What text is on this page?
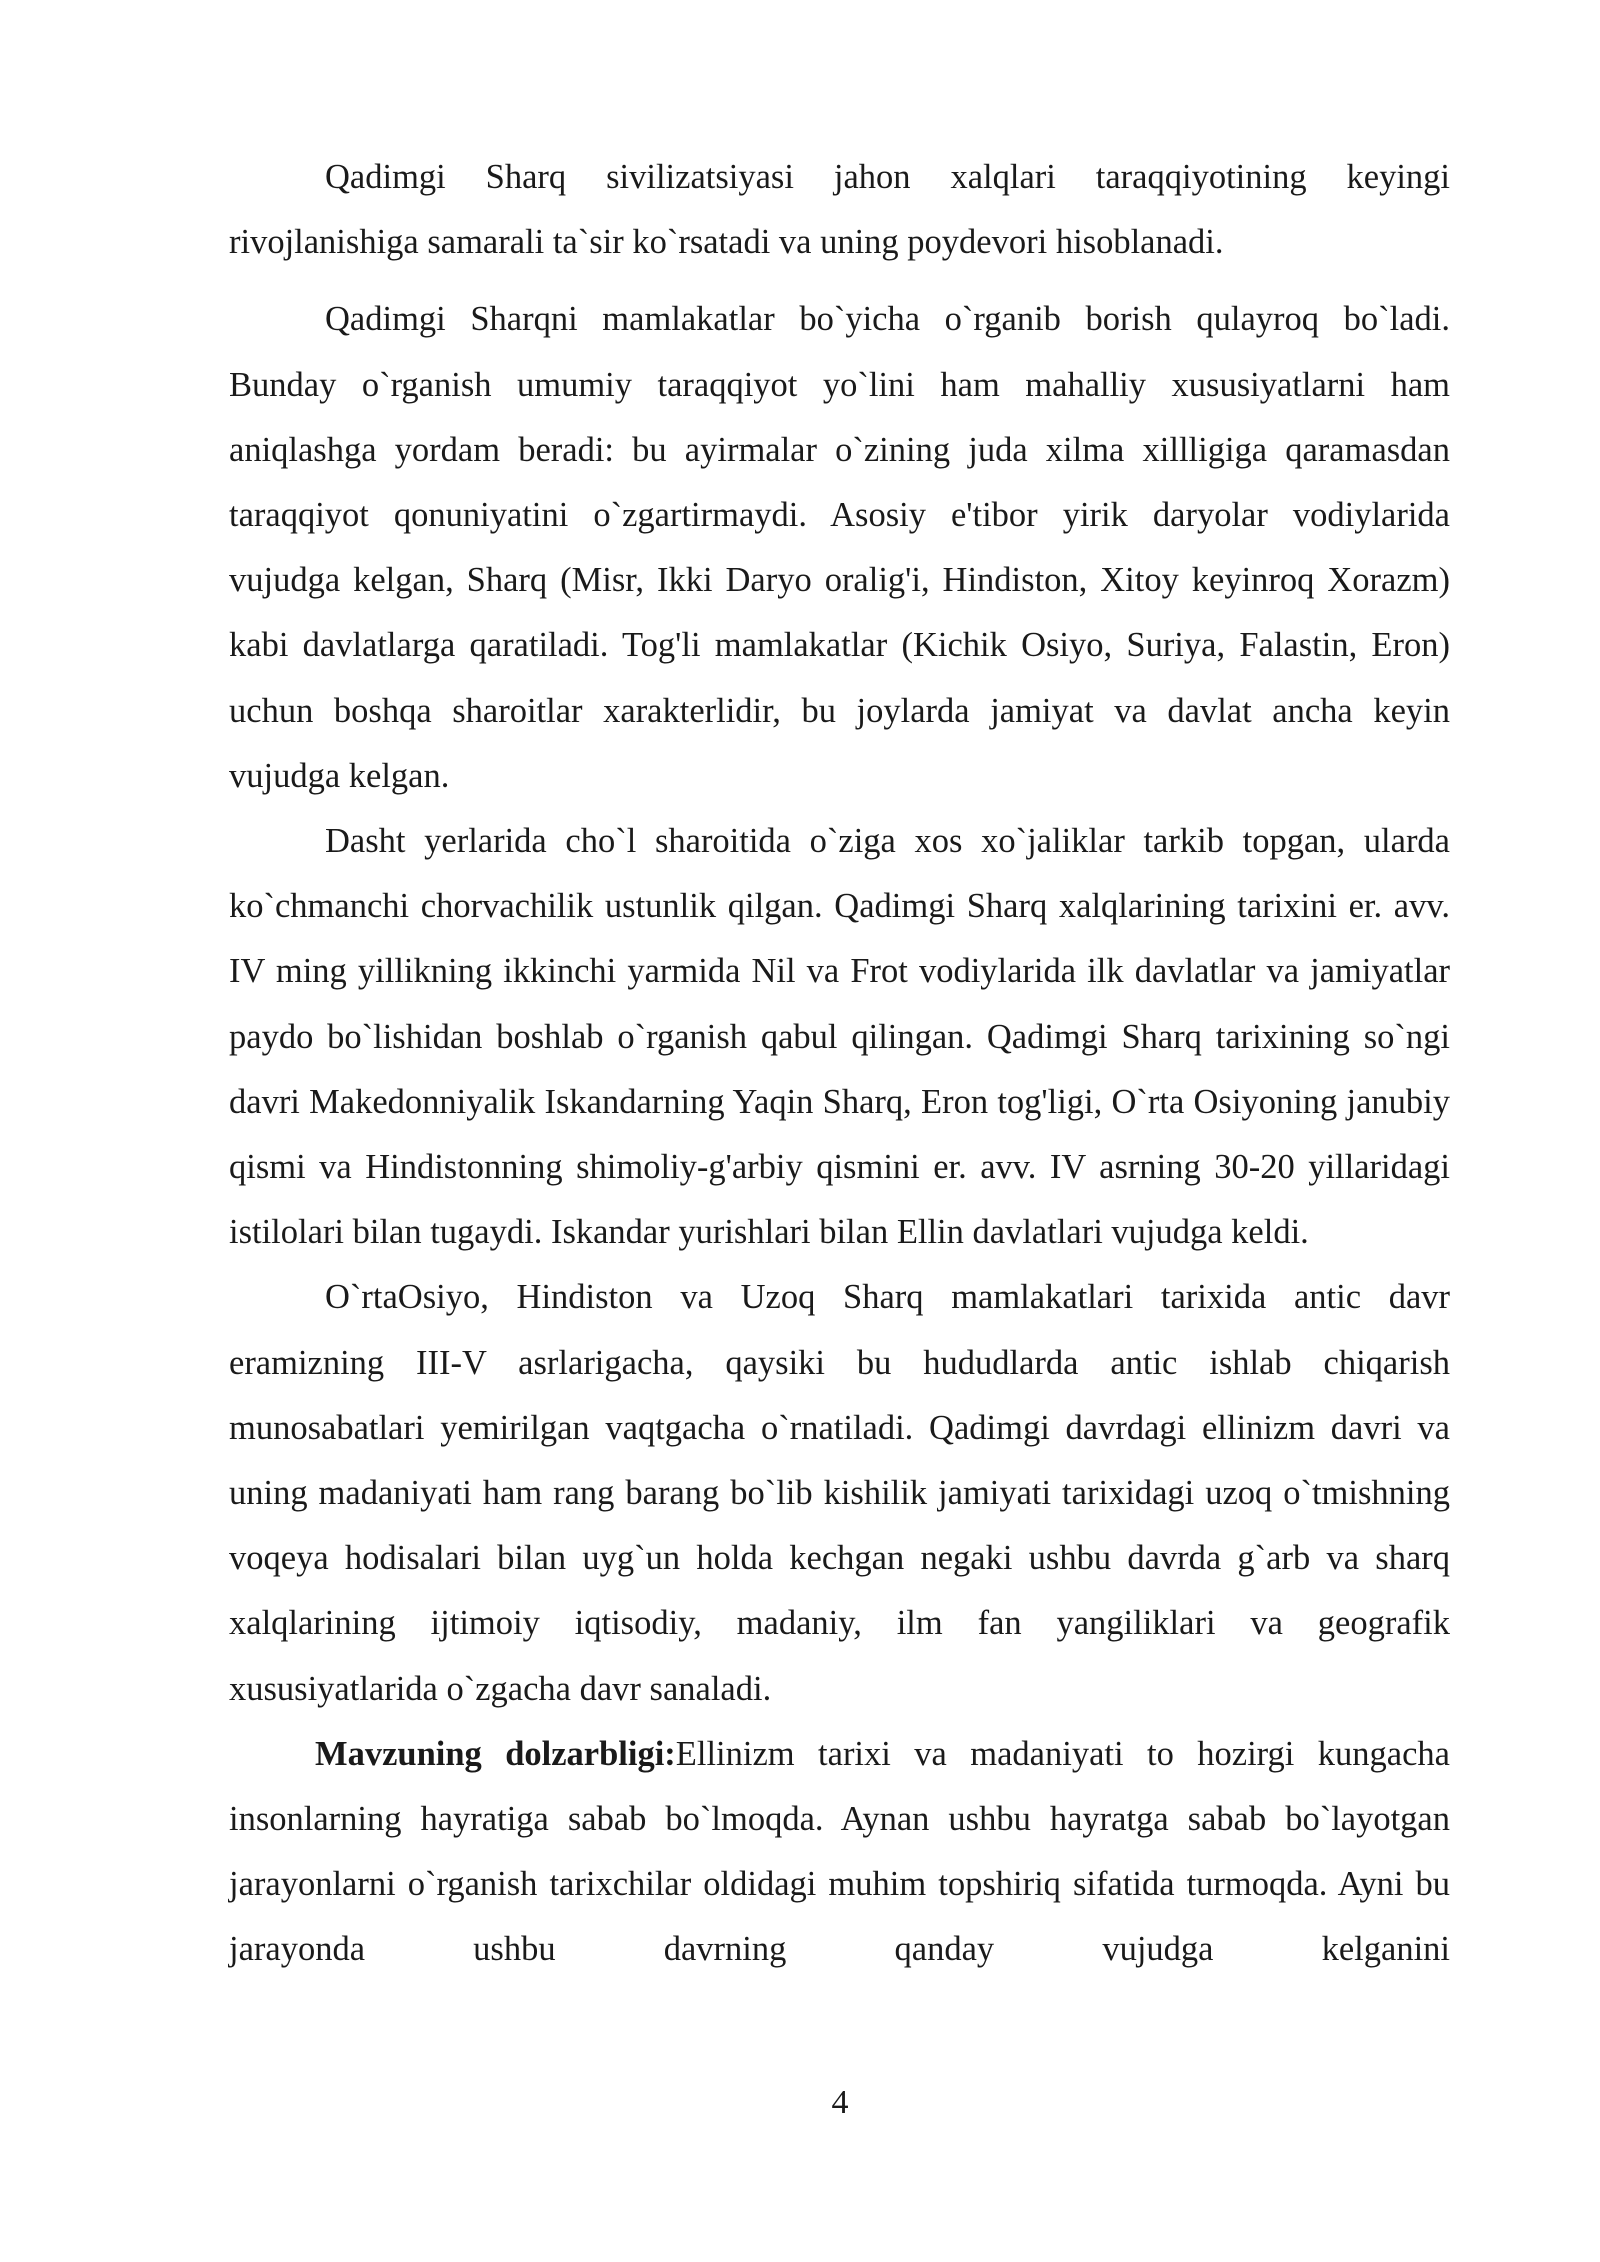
Qadimgi Sharq sivilizatsiyasi jahon xalqlari taraqqiyotining keyingi rivojlanishiga samarali ta`sir ko`rsatadi va uning poydevori hisoblanadi.

Qadimgi Sharqni mamlakatlar bo`yicha o`rganib borish qulayroq bo`ladi. Bunday o`rganish umumiy taraqqiyot yo`lini ham mahalliy xususiyatlarni ham aniqlashga yordam beradi: bu ayirmalar o`zining juda xilma xillligiga qaramasdan taraqqiyot qonuniyatini o`zgartirmaydi. Asosiy e'tibor yirik daryolar vodiylarida vujudga kelgan, Sharq (Misr, Ikki Daryo oralig'i, Hindiston, Xitoy keyinroq Xorazm) kabi davlatlarga qaratiladi. Tog'li mamlakatlar (Kichik Osiyo, Suriya, Falastin, Eron) uchun boshqa sharoitlar xarakterlidir, bu joylarda jamiyat va davlat ancha keyin vujudga kelgan.

Dasht yerlarida cho`l sharoitida o`ziga xos xo`jaliklar tarkib topgan, ularda ko`chmanchi chorvachilik ustunlik qilgan. Qadimgi Sharq xalqlarining tarixini er. avv. IV ming yillikning ikkinchi yarmida Nil va Frot vodiylarida ilk davlatlar va jamiyatlar paydo bo`lishidan boshlab o`rganish qabul qilingan. Qadimgi Sharq tarixining so`ngi davri Makedonniyalik Iskandarning Yaqin Sharq, Eron tog'ligi, O`rta Osiyoning janubiy qismi va Hindistonning shimoliy-g'arbiy qismini er. avv. IV asrning 30-20 yillaridagi istilolari bilan tugaydi. Iskandar yurishlari bilan Ellin davlatlari vujudga keldi.

O`rtaOsiyo, Hindiston va Uzoq Sharq mamlakatlari tarixida antic davr eramizning III-V asrlarigacha, qaysiki bu hududlarda antic ishlab chiqarish munosabatlari yemirilgan vaqtgacha o`rnatiladi. Qadimgi davrdagi ellinizm davri va uning madaniyati ham rang barang bo`lib kishilik jamiyati tarixidagi uzoq o`tmishning voqeya hodisalari bilan uyg`un holda kechgan negaki ushbu davrda g`arb va sharq xalqlarining ijtimoiy iqtisodiy, madaniy, ilm fan yangiliklari va geografik xususiyatlarida o`zgacha davr sanaladi.

Mavzuning dolzarbligi:Ellinizm tarixi va madaniyati to hozirgi kungacha insonlarning hayratiga sabab bo`lmoqda. Aynan ushbu hayratga sabab bo`layotgan jarayonlarni o`rganish tarixchilar oldidagi muhim topshiriq sifatida turmoqda. Ayni bu jarayonda ushbu davrning qanday vujudga kelganini

4
